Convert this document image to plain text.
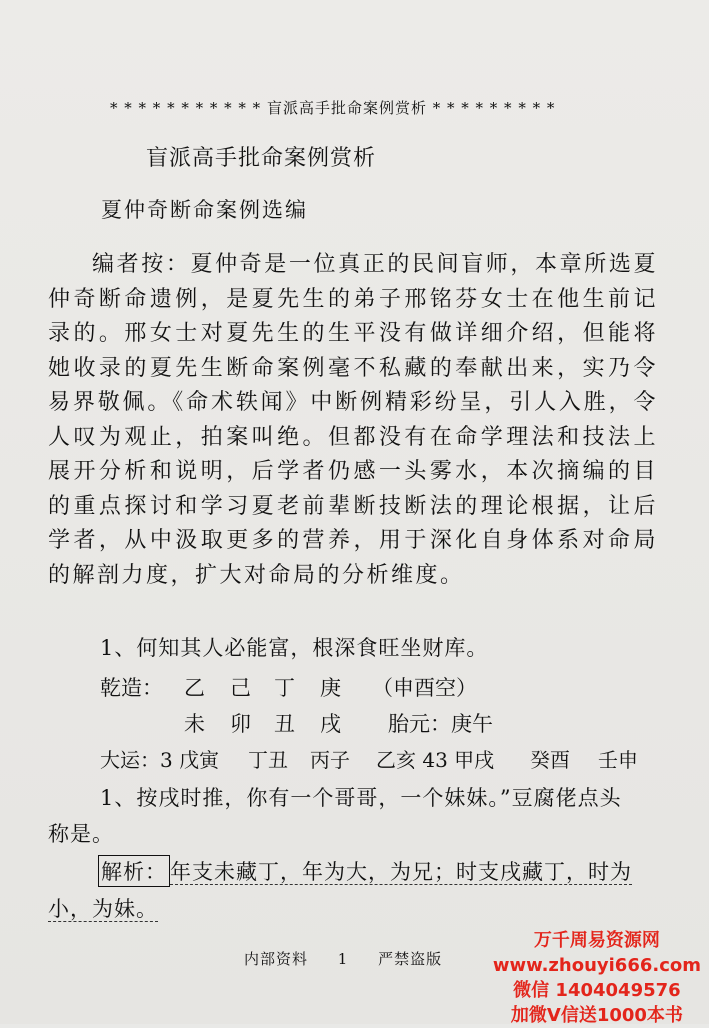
* * * * * * * * * * * 盲派高手批命案例赏析 * * * * * * * * *
盲派高手批命案例赏析
夏仲奇断命案例选编

编者按：夏仲奇是一位真正的民间盲师，本章所选夏仲奇断命遗例，是夏先生的弟子邢铭芬女士在他生前记录的。邢女士对夏先生的生平没有做详细介绍，但能将她收录的夏先生断命案例毫不私藏的奉献出来，实乃令易界敬佩。《命术轶闻》中断例精彩纷呈，引人入胜，令人叹为观止，拍案叫绝。但都没有在命学理法和技法上展开分析和说明，后学者仍感一头雾水，本次摘编的目的重点探讨和学习夏老前辈断技断法的理论根据，让后学者，从中汲取更多的营养，用于深化自身体系对命局的解剖力度，扩大对命局的分析维度。

1、何知其人必能富，根深食旺坐财库。
乾造： 乙 己 丁 庚 （申酉空）
未 卯 丑 戌 胎元：庚午
大运： 3 戊寅 丁丑 丙子 乙亥 43 甲戌 癸酉 壬申
1、按戌时推，你有一个哥哥，一个妹妹。”豆腐佬点头
称是。
解析： 年支未藏丁，年为大，为兄；时支戌藏丁，时为
小，为妹。
内部资料 1 严禁盗版
万千周易资源网
www.zhouyi666.com
微信 1404049576
加微V信送1000本书
